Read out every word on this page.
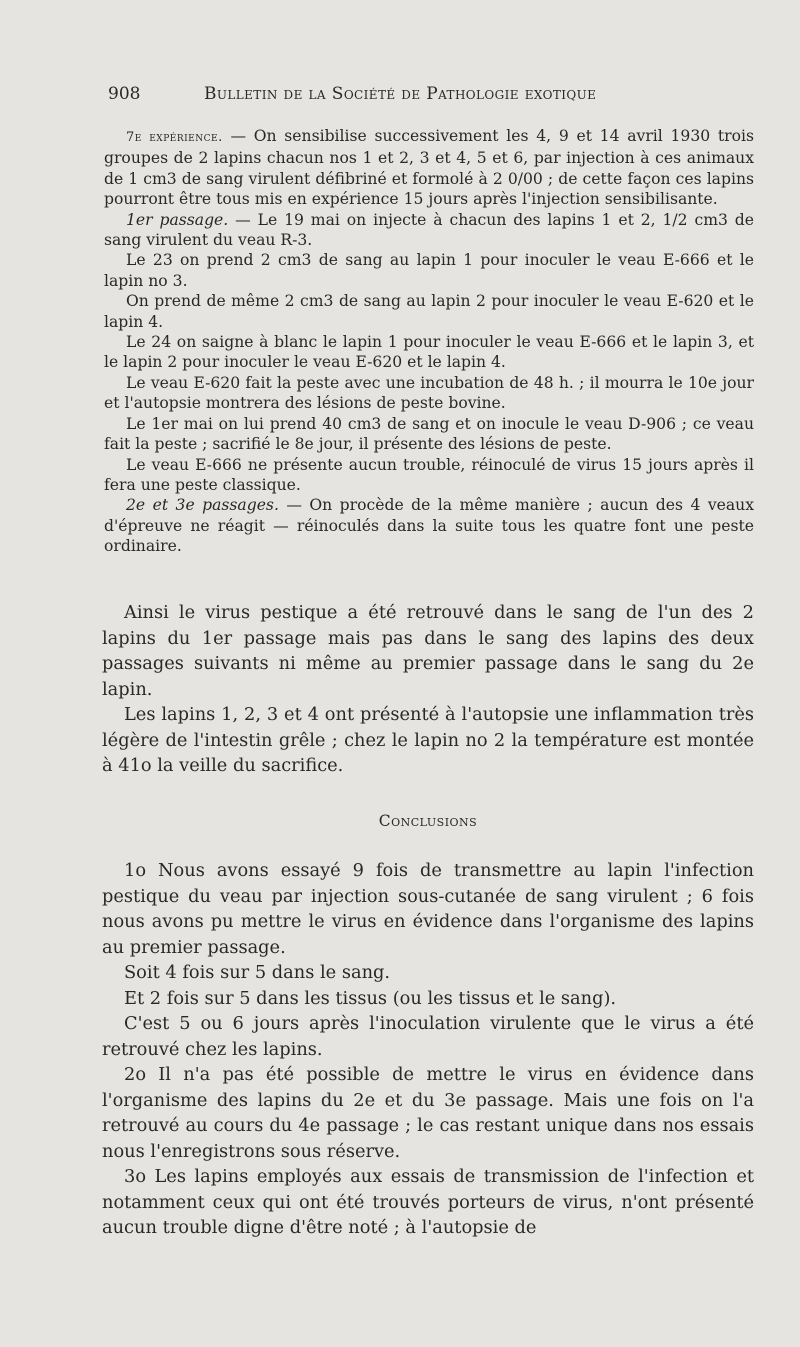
908	Bulletin de la Société de Pathologie exotique

7e expérience. — On sensibilise successivement les 4, 9 et 14 avril 1930 trois groupes de 2 lapins chacun nos 1 et 2, 3 et 4, 5 et 6, par injection à ces animaux de 1 cm3 de sang virulent défibriné et formolé à 2 0/00 ; de cette façon ces lapins pourront être tous mis en expérience 15 jours après l'injection sensibilisante.

1er passage. — Le 19 mai on injecte à chacun des lapins 1 et 2, 1/2 cm3 de sang virulent du veau R-3.

Le 23 on prend 2 cm3 de sang au lapin 1 pour inoculer le veau E-666 et le lapin no 3.

On prend de même 2 cm3 de sang au lapin 2 pour inoculer le veau E-620 et le lapin 4.

Le 24 on saigne à blanc le lapin 1 pour inoculer le veau E-666 et le lapin 3, et le lapin 2 pour inoculer le veau E-620 et le lapin 4.

Le veau E-620 fait la peste avec une incubation de 48 h. ; il mourra le 10e jour et l'autopsie montrera des lésions de peste bovine.

Le 1er mai on lui prend 40 cm3 de sang et on inocule le veau D-906 ; ce veau fait la peste ; sacrifié le 8e jour, il présente des lésions de peste.

Le veau E-666 ne présente aucun trouble, réinoculé de virus 15 jours après il fera une peste classique.

2e et 3e passages. — On procède de la même manière ; aucun des 4 veaux d'épreuve ne réagit — réinoculés dans la suite tous les quatre font une peste ordinaire.

Ainsi le virus pestique a été retrouvé dans le sang de l'un des 2 lapins du 1er passage mais pas dans le sang des lapins des deux passages suivants ni même au premier passage dans le sang du 2e lapin.

Les lapins 1, 2, 3 et 4 ont présenté à l'autopsie une inflammation très légère de l'intestin grêle ; chez le lapin no 2 la température est montée à 41o la veille du sacrifice.

Conclusions

1o Nous avons essayé 9 fois de transmettre au lapin l'infection pestique du veau par injection sous-cutanée de sang virulent ; 6 fois nous avons pu mettre le virus en évidence dans l'organisme des lapins au premier passage.

Soit 4 fois sur 5 dans le sang.

Et 2 fois sur 5 dans les tissus (ou les tissus et le sang).

C'est 5 ou 6 jours après l'inoculation virulente que le virus a été retrouvé chez les lapins.

2o Il n'a pas été possible de mettre le virus en évidence dans l'organisme des lapins du 2e et du 3e passage. Mais une fois on l'a retrouvé au cours du 4e passage ; le cas restant unique dans nos essais nous l'enregistrons sous réserve.

3o Les lapins employés aux essais de transmission de l'infection et notamment ceux qui ont été trouvés porteurs de virus, n'ont présenté aucun trouble digne d'être noté ; à l'autopsie de
